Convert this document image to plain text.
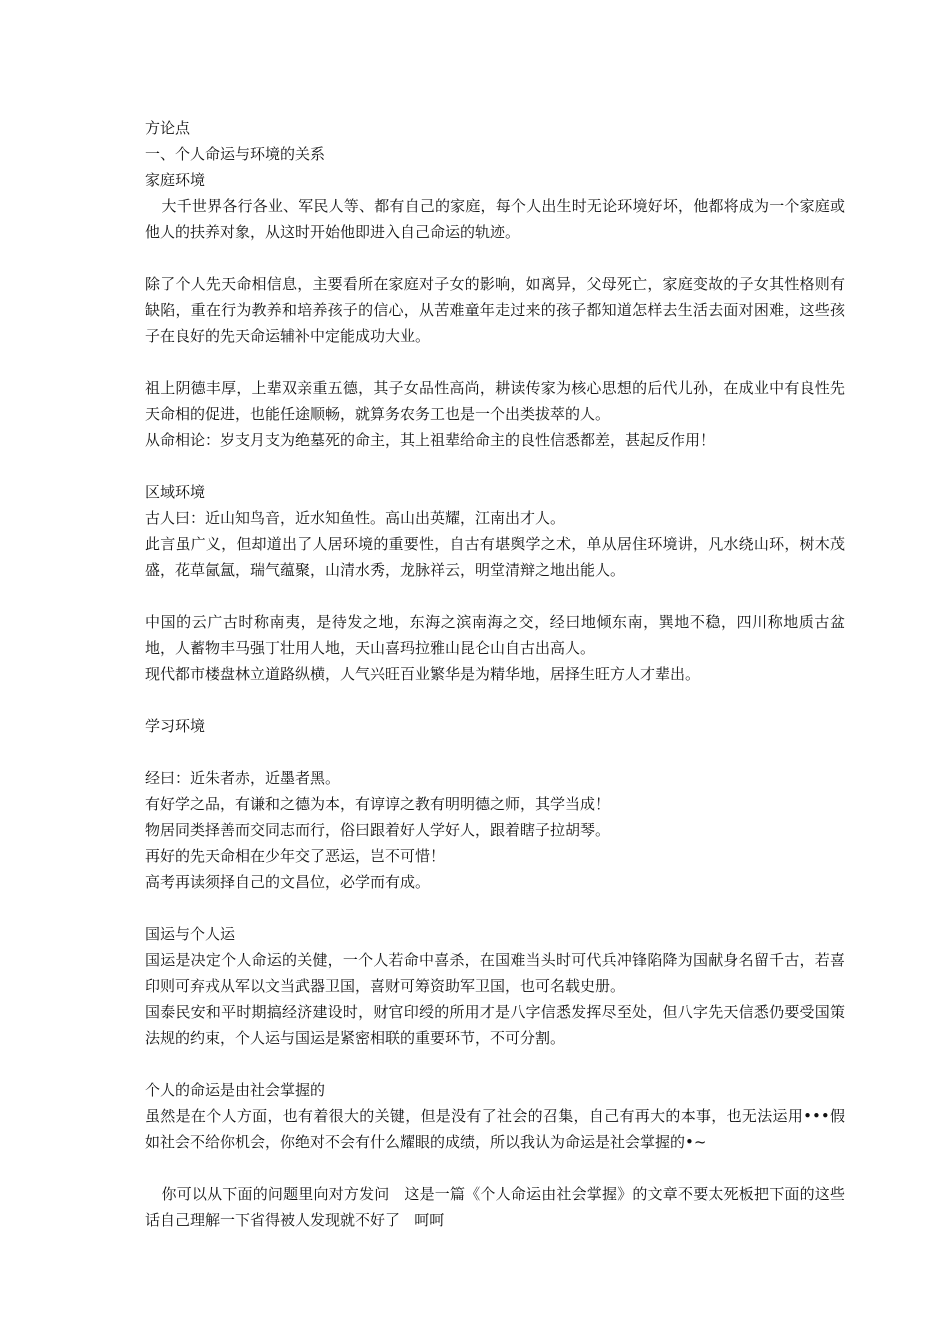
方论点
一、个人命运与环境的关系
家庭环境
大千世界各行各业、军民人等、都有自己的家庭，每个人出生时无论环境好坏，他都将成为一个家庭或他人的扶养对象，从这时开始他即进入自己命运的轨迹。
除了个人先天命相信息，主要看所在家庭对子女的影响，如离异，父母死亡，家庭变故的子女其性格则有缺陷，重在行为教养和培养孩子的信心，从苦难童年走过来的孩子都知道怎样去生活去面对困难，这些孩子在良好的先天命运辅补中定能成功大业。
祖上阴德丰厚，上辈双亲重五德，其子女品性高尚，耕读传家为核心思想的后代儿孙，在成业中有良性先天命相的促进，也能任途顺畅，就算务农务工也是一个出类拔萃的人。
从命相论：岁支月支为绝墓死的命主，其上祖辈给命主的良性信悉都差，甚起反作用！
区域环境
古人曰：近山知鸟音，近水知鱼性。高山出英耀，江南出才人。
此言虽广义，但却道出了人居环境的重要性，自古有堪舆学之术，单从居住环境讲，凡水绕山环，树木茂盛，花草氤氲，瑞气蕴聚，山清水秀，龙脉祥云，明堂清辩之地出能人。
中国的云广古时称南夷，是待发之地，东海之滨南海之交，经曰地倾东南，巽地不稳，四川称地质古盆地，人蓄物丰马强丁壮用人地，天山喜玛拉雅山昆仑山自古出高人。
现代都市楼盘林立道路纵横，人气兴旺百业繁华是为精华地，居择生旺方人才辈出。
学习环境
经曰：近朱者赤，近墨者黑。
有好学之品，有谦和之德为本，有谆谆之教有明明德之师，其学当成！
物居同类择善而交同志而行，俗曰跟着好人学好人，跟着瞎子拉胡琴。
再好的先天命相在少年交了恶运，岂不可惜！
高考再读须择自己的文昌位，必学而有成。
国运与个人运
国运是决定个人命运的关健，一个人若命中喜杀，在国难当头时可代兵冲锋陷降为国献身名留千古，若喜印则可弃戎从军以文当武器卫国，喜财可筹资助军卫国，也可名载史册。
国泰民安和平时期搞经济建设时，财官印绶的所用才是八字信悉发挥尽至处，但八字先天信悉仍要受国策法规的约束，个人运与国运是紧密相联的重要环节，不可分割。
个人的命运是由社会掌握的
虽然是在个人方面，也有着很大的关键，但是没有了社会的召集，自己有再大的本事，也无法运用•••假如社会不给你机会，你绝对不会有什么耀眼的成绩，所以我认为命运是社会掌握的•~
你可以从下面的问题里向对方发问   这是一篇《个人命运由社会掌握》的文章不要太死板把下面的这些话自己理解一下省得被人发现就不好了   呵呵
